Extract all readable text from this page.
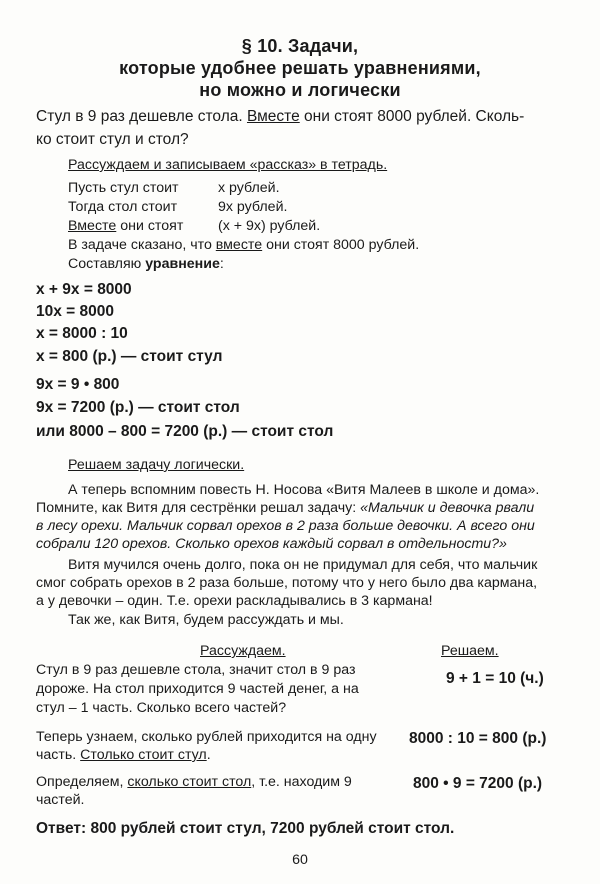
§ 10. Задачи,
которые удобнее решать уравнениями,
но можно и логически
Стул в 9 раз дешевле стола. Вместе они стоят 8000 рублей. Сколь-
ко стоит стул и стол?
Рассуждаем и записываем «рассказ» в тетрадь.
Пусть стул стоит	x рублей.
Тогда стол стоит	9x рублей.
Вместе они стоят (x + 9x) рублей.
В задаче сказано, что вместе они стоят 8000 рублей.
Составляю уравнение:
x + 9x = 8000
10x = 8000
x = 8000 : 10
x = 800 (р.) — стоит стул
9x = 9 • 800
9x = 7200 (р.) — стоит стол
или 8000 – 800 = 7200 (р.) — стоит стол
Решаем задачу логически.
А теперь вспомним повесть Н. Носова «Витя Малеев в школе и дома».
Помните, как Витя для сестрёнки решал задачу: «Мальчик и девочка рвали
в лесу орехи. Мальчик сорвал орехов в 2 раза больше девочки. А всего они
собрали 120 орехов. Сколько орехов каждый сорвал в отдельности?»
Витя мучился очень долго, пока он не придумал для себя, что мальчик
смог собрать орехов в 2 раза больше, потому что у него было два кармана,
а у девочки – один. Т.е. орехи раскладывались в 3 кармана!
Так же, как Витя, будем рассуждать и мы.
Рассуждаем.	Решаем.
Стул в 9 раз дешевле стола, значит стол в 9 раз
дороже. На стол приходится 9 частей денег, а на
стул – 1 часть. Сколько всего частей?
9 + 1 = 10 (ч.)
Теперь узнаем, сколько рублей приходится на одну
часть. Столько стоит стул.
8000 : 10 = 800 (р.)
Определяем, сколько стоит стол, т.е. находим 9
частей.
800 • 9 = 7200 (р.)
Ответ: 800 рублей стоит стул, 7200 рублей стоит стол.
60
